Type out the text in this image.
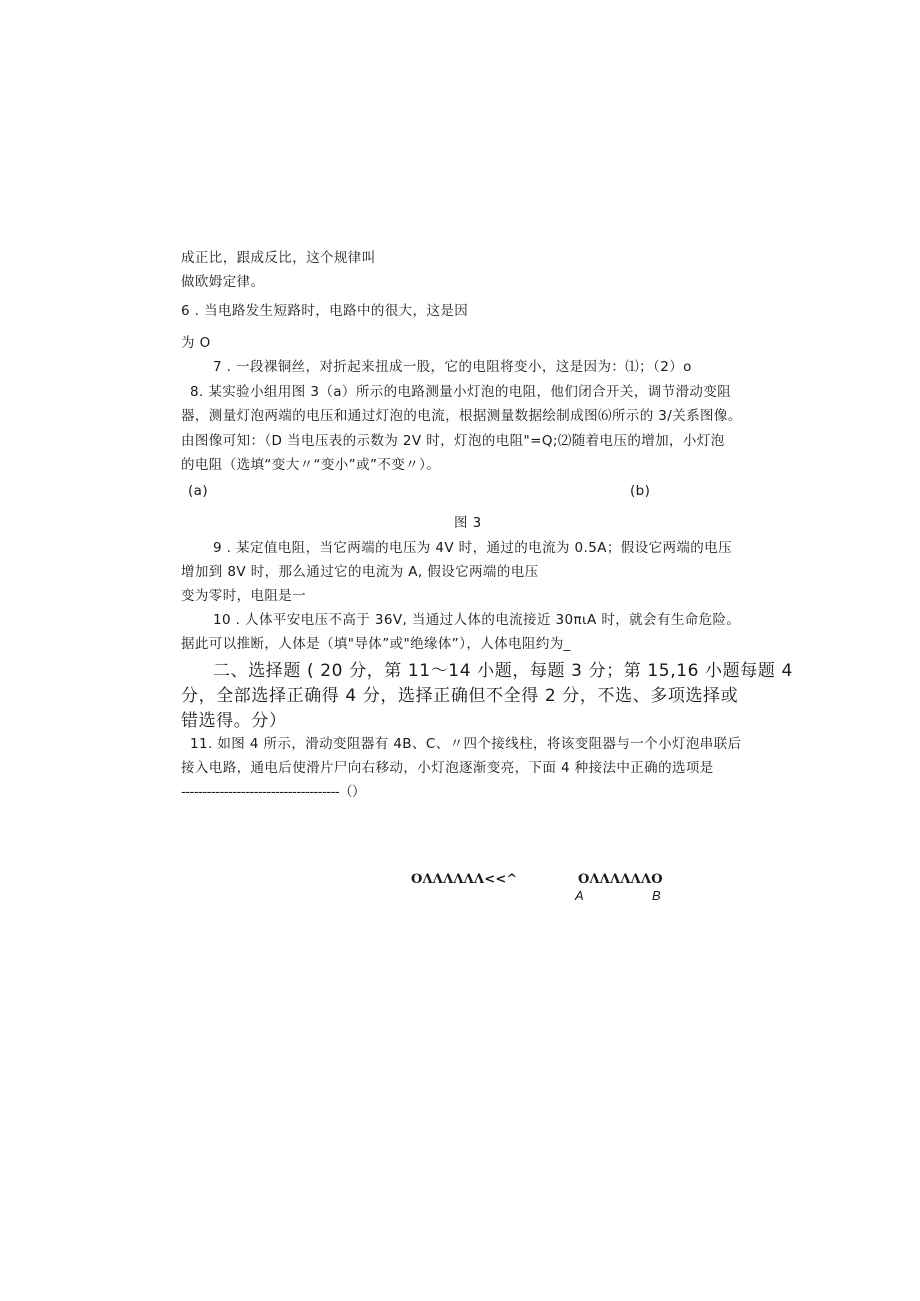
成正比，跟成反比，这个规律叫
做欧姆定律。
6 . 当电路发生短路时，电路中的很大，这是因
为 O
7 . 一段裸铜丝，对折起来扭成一股，它的电阻将变小，这是因为：⑴；（2）o
8. 某实验小组用图 3（a）所示的电路测量小灯泡的电阻，他们闭合开关，调节滑动变阻
器，测量灯泡两端的电压和通过灯泡的电流，根据测量数据绘制成图⑹所示的 3/关系图像。
由图像可知：（D 当电压表的示数为 2V 时，灯泡的电阻"=Q;⑵随着电压的增加，小灯泡
的电阻（选填“变大〃“变小”或”不变〃）。
(a)	(b)
图 3
9 . 某定值电阻，当它两端的电压为 4V 时，通过的电流为 0.5A；假设它两端的电压
增加到 8V 时，那么通过它的电流为 A, 假设它两端的电压
变为零时，电阻是一
10 . 人体平安电压不高于 36V, 当通过人体的电流接近 30πιA 时，就会有生命危险。
据此可以推断，人体是（填"导体”或"绝缘体”），人体电阻约为_
二、选择题 ( 20 分，第 11〜14 小题，每题 3 分；第 15,16 小题每题 4
分，全部选择正确得 4 分，选择正确但不全得 2 分，不选、多项选择或
错选得。分）
11. 如图 4 所示，滑动变阻器有 4B、C、〃四个接线柱，将该变阻器与一个小灯泡串联后
接入电路，通电后使滑片尸向右移动，小灯泡逐渐变亮，下面 4 种接法中正确的选项是
-------------------------------------（）
OΛΛΛΛΛΛ<<^	OΛΛΛΛΛΛO
A	B
